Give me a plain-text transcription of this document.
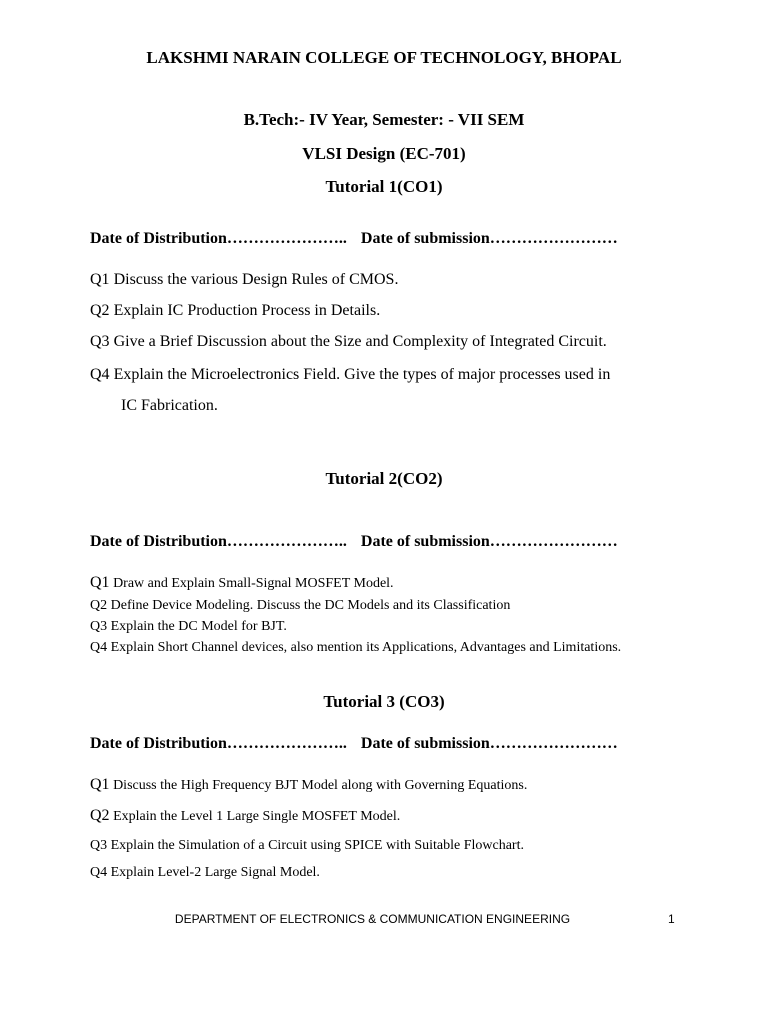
LAKSHMI NARAIN COLLEGE OF TECHNOLOGY, BHOPAL
B.Tech:- IV Year, Semester: - VII SEM
VLSI Design (EC-701)
Tutorial 1(CO1)
Date of Distribution………………….. Date of submission……………………
Q1 Discuss the various Design Rules of CMOS.
Q2 Explain IC Production Process in Details.
Q3 Give a Brief Discussion about the Size and Complexity of Integrated Circuit.
Q4 Explain the Microelectronics Field. Give the types of major processes used in
IC Fabrication.
Tutorial 2(CO2)
Date of Distribution………………….. Date of submission……………………
Q1 Draw and Explain Small-Signal MOSFET Model.
Q2 Define Device Modeling. Discuss the DC Models and its Classification
Q3 Explain the DC Model for BJT.
Q4 Explain Short Channel devices, also mention its Applications, Advantages and Limitations.
Tutorial 3 (CO3)
Date of Distribution………………….. Date of submission……………………
Q1 Discuss the High Frequency BJT Model along with Governing Equations.
Q2 Explain the Level 1 Large Single MOSFET Model.
Q3 Explain the Simulation of a Circuit using SPICE with Suitable Flowchart.
Q4 Explain Level-2 Large Signal Model.
DEPARTMENT OF ELECTRONICS & COMMUNICATION ENGINEERING	1
